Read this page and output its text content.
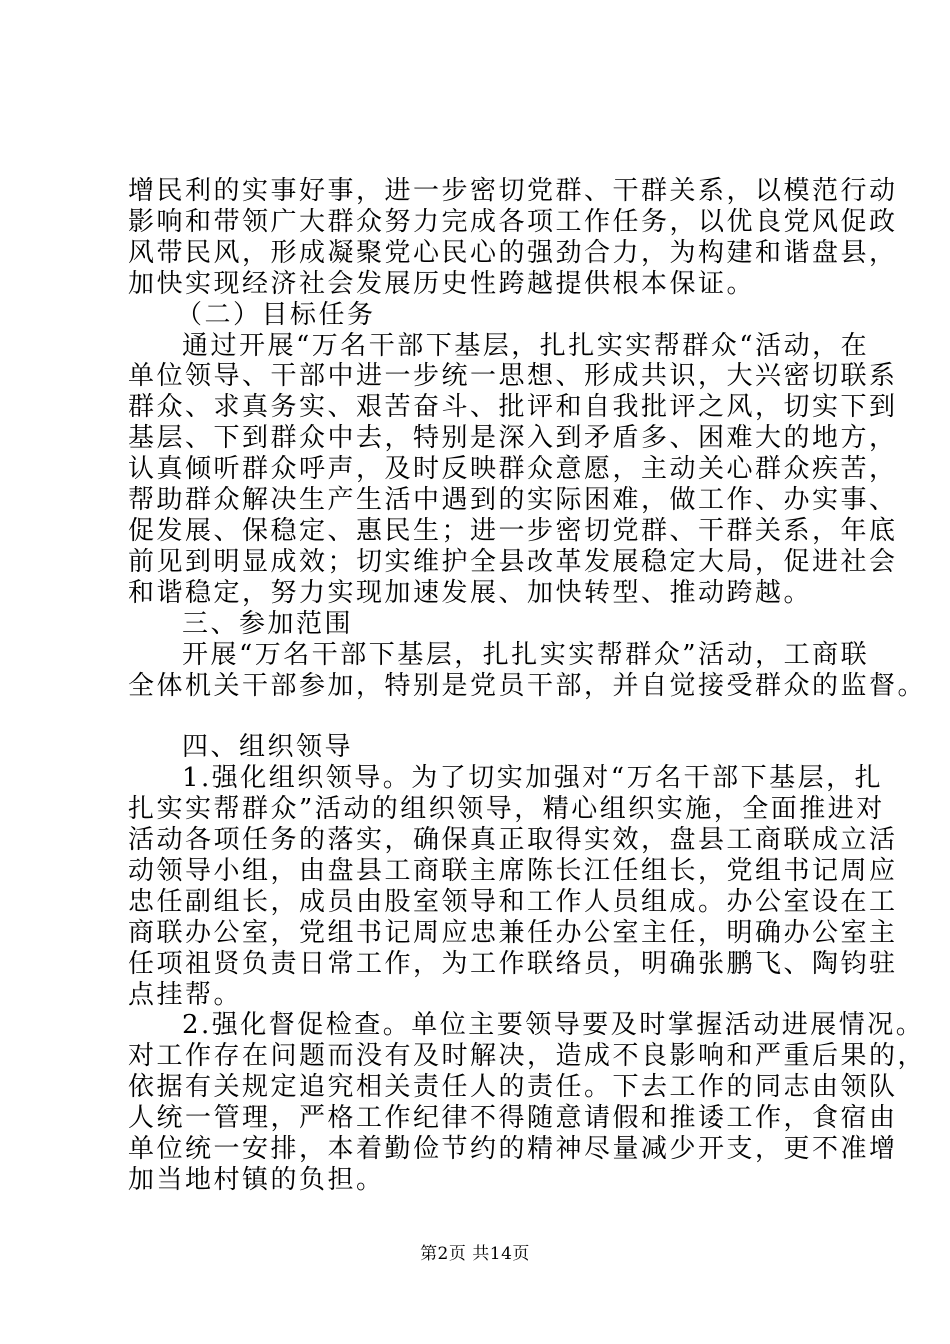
增民利的实事好事，进一步密切党群、干群关系，以模范行动
影响和带领广大群众努力完成各项工作任务，以优良党风促政
风带民风，形成凝聚党心民心的强劲合力，为构建和谐盘县，
加快实现经济社会发展历史性跨越提供根本保证。
（二）目标任务
通过开展“万名干部下基层，扎扎实实帮群众“活动，在
单位领导、干部中进一步统一思想、形成共识，大兴密切联系
群众、求真务实、艰苦奋斗、批评和自我批评之风，切实下到
基层、下到群众中去，特别是深入到矛盾多、困难大的地方，
认真倾听群众呼声，及时反映群众意愿，主动关心群众疾苦，
帮助群众解决生产生活中遇到的实际困难，做工作、办实事、
促发展、保稳定、惠民生；进一步密切党群、干群关系，年底
前见到明显成效；切实维护全县改革发展稳定大局，促进社会
和谐稳定，努力实现加速发展、加快转型、推动跨越。
三、参加范围
开展“万名干部下基层，扎扎实实帮群众”活动，工商联
全体机关干部参加，特别是党员干部，并自觉接受群众的监督。
四、组织领导
1.强化组织领导。为了切实加强对“万名干部下基层，扎
扎实实帮群众”活动的组织领导，精心组织实施，全面推进对
活动各项任务的落实，确保真正取得实效，盘县工商联成立活
动领导小组，由盘县工商联主席陈长江任组长，党组书记周应
忠任副组长，成员由股室领导和工作人员组成。办公室设在工
商联办公室，党组书记周应忠兼任办公室主任，明确办公室主
任项祖贤负责日常工作，为工作联络员，明确张鹏飞、陶钧驻
点挂帮。
2.强化督促检查。单位主要领导要及时掌握活动进展情况。
对工作存在问题而没有及时解决，造成不良影响和严重后果的，
依据有关规定追究相关责任人的责任。下去工作的同志由领队
人统一管理，严格工作纪律不得随意请假和推诿工作，食宿由
单位统一安排，本着勤俭节约的精神尽量减少开支，更不准增
加当地村镇的负担。
第2页 共14页
